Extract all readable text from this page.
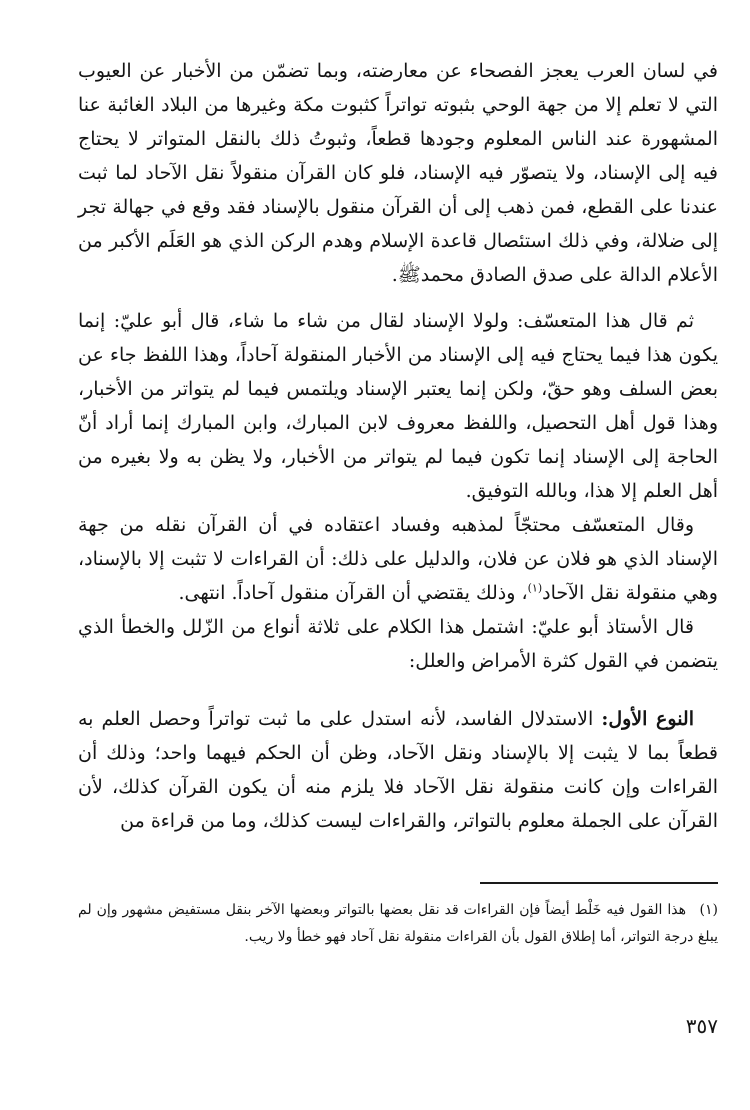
في لسان العرب يعجز الفصحاء عن معارضته، وبما تضمّن من الأخبار عن العيوب التي لا تعلم إلا من جهة الوحي بثبوته تواتراً كثبوت مكة وغيرها من البلاد الغائبة عنا المشهورة عند الناس المعلوم وجودها قطعاً، وثبوتُ ذلك بالنقل المتواتر لا يحتاج فيه إلى الإسناد، ولا يتصوّر فيه الإسناد، فلو كان القرآن منقولاً نقل الآحاد لما ثبت عندنا على القطع، فمن ذهب إلى أن القرآن منقول بالإسناد فقد وقع في جهالة تجر إلى ضلالة، وفي ذلك استئصال قاعدة الإسلام وهدم الركن الذي هو العَلَم الأكبر من الأعلام الدالة على صدق الصادق محمدﷺ.

ثم قال هذا المتعسّف: ولولا الإسناد لقال من شاء ما شاء، قال أبو عليّ: إنما يكون هذا فيما يحتاج فيه إلى الإسناد من الأخبار المنقولة آحاداً، وهذا اللفظ جاء عن بعض السلف وهو حقّ، ولكن إنما يعتبر الإسناد ويلتمس فيما لم يتواتر من الأخبار، وهذا قول أهل التحصيل، واللفظ معروف لابن المبارك، وابن المبارك إنما أراد أنّ الحاجة إلى الإسناد إنما تكون فيما لم يتواتر من الأخبار، ولا يظن به ولا بغيره من أهل العلم إلا هذا، وبالله التوفيق.

وقال المتعسّف محتجّاً لمذهبه وفساد اعتقاده في أن القرآن نقله من جهة الإسناد الذي هو فلان عن فلان، والدليل على ذلك: أن القراءات لا تثبت إلا بالإسناد، وهي منقولة نقل الآحاد$^{(١)}$، وذلك يقتضي أن القرآن منقول آحاداً. انتهى.

قال الأستاذ أبو عليّ: اشتمل هذا الكلام على ثلاثة أنواع من الزّلل والخطأ الذي يتضمن في القول كثرة الأمراض والعلل:

النوع الأول: الاستدلال الفاسد، لأنه استدل على ما ثبت تواتراً وحصل العلم به قطعاً بما لا يثبت إلا بالإسناد ونقل الآحاد، وظن أن الحكم فيهما واحد؛ وذلك أن القراءات وإن كانت منقولة نقل الآحاد فلا يلزم منه أن يكون القرآن كذلك، لأن القرآن على الجملة معلوم بالتواتر، والقراءات ليست كذلك، وما من قراءة من

(١)هذا القول فيه خَلْط أيضاً فإن القراءات قد نقل بعضها بالتواتر وبعضها الآخر بنقل مستفيض مشهور وإن لم يبلغ درجة التواتر، أما إطلاق القول بأن القراءات منقولة نقل آحاد فهو خطأ ولا ريب.

٣٥٧
